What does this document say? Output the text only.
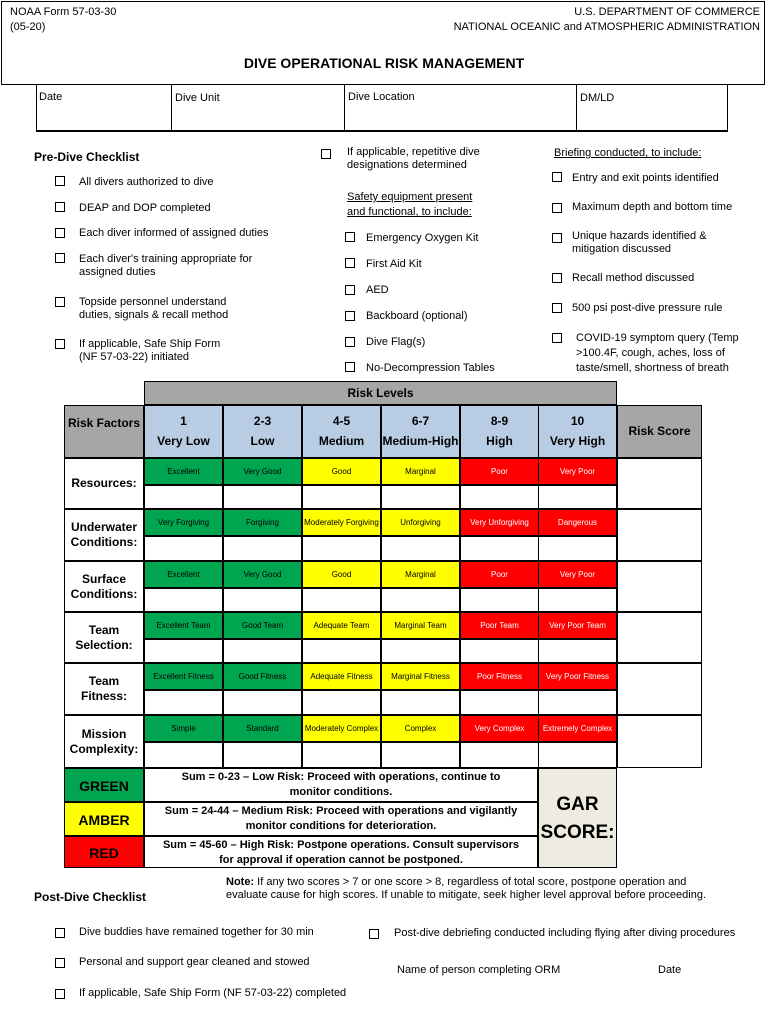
NOAA Form 57-03-30
(05-20)
U.S. DEPARTMENT OF COMMERCE
NATIONAL OCEANIC and ATMOSPHERIC ADMINISTRATION
DIVE OPERATIONAL RISK MANAGEMENT
Date	Dive Unit	Dive Location	DM/LD
Pre-Dive Checklist
All divers authorized to dive
DEAP and DOP completed
Each diver informed of assigned duties
Each diver's training appropriate for assigned duties
Topside personnel understand duties, signals & recall method
If applicable, Safe Ship Form (NF 57-03-22) initiated
If applicable, repetitive dive designations determined
Safety equipment present and functional, to include:
Emergency Oxygen Kit
First Aid Kit
AED
Backboard (optional)
Dive Flag(s)
No-Decompression Tables
Briefing conducted, to include:
Entry and exit points identified
Maximum depth and bottom time
Unique hazards identified & mitigation discussed
Recall method discussed
500 psi post-dive pressure rule
COVID-19 symptom query (Temp >100.4F, cough, aches, loss of taste/smell, shortness of breath
Risk Levels
Risk Factors
Risk Score
1
Very Low
2-3
Low
4-5
Medium
6-7
Medium-High
8-9
High
10
Very High
Resources:
Excellent	Very Good	Good	Marginal	Poor	Very Poor
Underwater Conditions:
Very Forgiving	Forgiving	Moderately Forgiving	Unforgiving	Very Unforgiving	Dangerous
Surface Conditions:
Excellent	Very Good	Good	Marginal	Poor	Very Poor
Team Selection:
Excellent Team	Good Team	Adequate Team	Marginal Team	Poor Team	Very Poor Team
Team Fitness:
Excellent Fitness	Good Fitness	Adequate Fitness	Marginal Fitness	Poor Fitness	Very Poor Fitness
Mission Complexity:
Simple	Standard	Moderately Complex	Complex	Very Complex	Extremely Complex
GREEN
Sum = 0-23 – Low Risk: Proceed with operations, continue to monitor conditions.
AMBER
Sum = 24-44 – Medium Risk: Proceed with operations and vigilantly monitor conditions for deterioration.
RED	Sum = 45-60 – High Risk: Postpone operations. Consult supervisors for approval if operation cannot be postponed.
GAR
SCORE:
Note: If any two scores > 7 or one score > 8, regardless of total score, postpone operation and evaluate cause for high scores. If unable to mitigate, seek higher level approval before proceeding.
Post-Dive Checklist
Dive buddies have remained together for 30 min
Personal and support gear cleaned and stowed
If applicable, Safe Ship Form (NF 57-03-22) completed
Post-dive debriefing conducted including flying after diving procedures
Name of person completing ORM	Date
